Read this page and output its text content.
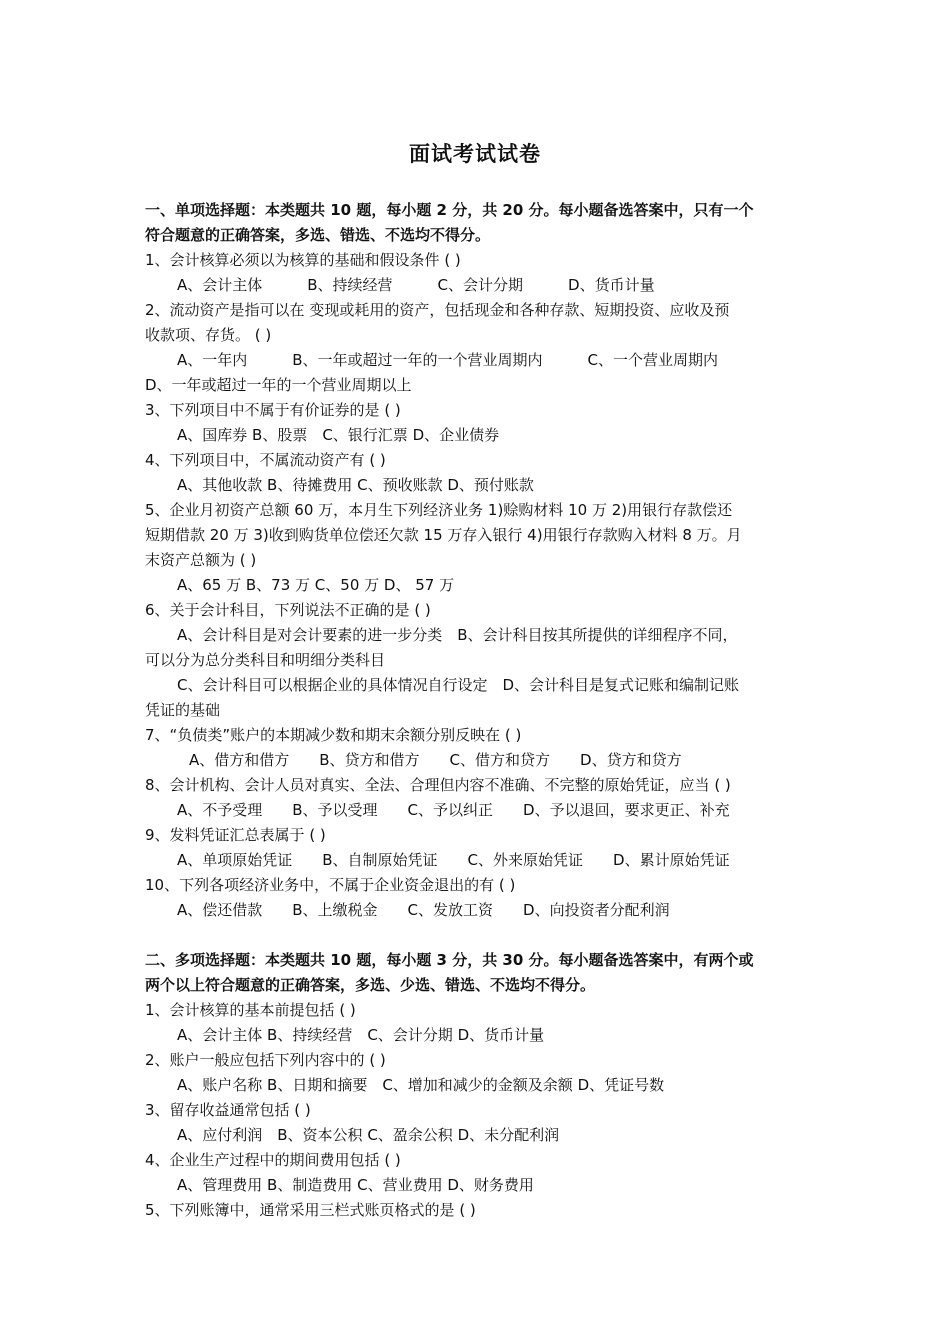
面试考试试卷
一、单项选择题：本类题共 10 题，每小题 2 分，共 20 分。每小题备选答案中，只有一个
符合题意的正确答案，多选、错选、不选均不得分。
1、会计核算必须以为核算的基础和假设条件 ( )
A、会计主体　　　B、持续经营　　　C、会计分期　　　D、货币计量
2、流动资产是指可以在 变现或耗用的资产，包括现金和各种存款、短期投资、应收及预
收款项、存货。 ( )
A、一年内　　　B、一年或超过一年的一个营业周期内　　　C、一个营业周期内
D、一年或超过一年的一个营业周期以上
3、下列项目中不属于有价证券的是 ( )
A、国库券 B、股票　C、银行汇票 D、企业债券
4、下列项目中，不属流动资产有 ( )
A、其他收款 B、待摊费用 C、预收账款 D、预付账款
5、企业月初资产总额 60 万，本月生下列经济业务 1)赊购材料 10 万 2)用银行存款偿还
短期借款 20 万 3)收到购货单位偿还欠款 15 万存入银行 4)用银行存款购入材料 8 万。月
末资产总额为 ( )
A、65 万 B、73 万 C、50 万 D、 57 万
6、关于会计科目，下列说法不正确的是 ( )
A、会计科目是对会计要素的进一步分类　B、会计科目按其所提供的详细程序不同，
可以分为总分类科目和明细分类科目
C、会计科目可以根据企业的具体情况自行设定　D、会计科目是复式记账和编制记账
凭证的基础
7、“负债类”账户的本期减少数和期末余额分别反映在 ( )
A、借方和借方　　B、贷方和借方　　C、借方和贷方　　D、贷方和贷方
8、会计机构、会计人员对真实、全法、合理但内容不准确、不完整的原始凭证，应当 ( )
A、不予受理　　B、予以受理　　C、予以纠正　　D、予以退回，要求更正、补充
9、发料凭证汇总表属于 ( )
A、单项原始凭证　　B、自制原始凭证　　C、外来原始凭证　　D、累计原始凭证
10、下列各项经济业务中，不属于企业资金退出的有 ( )
A、偿还借款　　B、上缴税金　　C、发放工资　　D、向投资者分配利润
二、多项选择题：本类题共 10 题，每小题 3 分，共 30 分。每小题备选答案中，有两个或
两个以上符合题意的正确答案，多选、少选、错选、不选均不得分。
1、会计核算的基本前提包括 ( )
A、会计主体 B、持续经营　C、会计分期 D、货币计量
2、账户一般应包括下列内容中的 ( )
A、账户名称 B、日期和摘要　C、增加和减少的金额及余额 D、凭证号数
3、留存收益通常包括 ( )
A、应付利润　B、资本公积 C、盈余公积 D、未分配利润
4、企业生产过程中的期间费用包括 ( )
A、管理费用 B、制造费用 C、营业费用 D、财务费用
5、下列账簿中，通常采用三栏式账页格式的是 ( )
